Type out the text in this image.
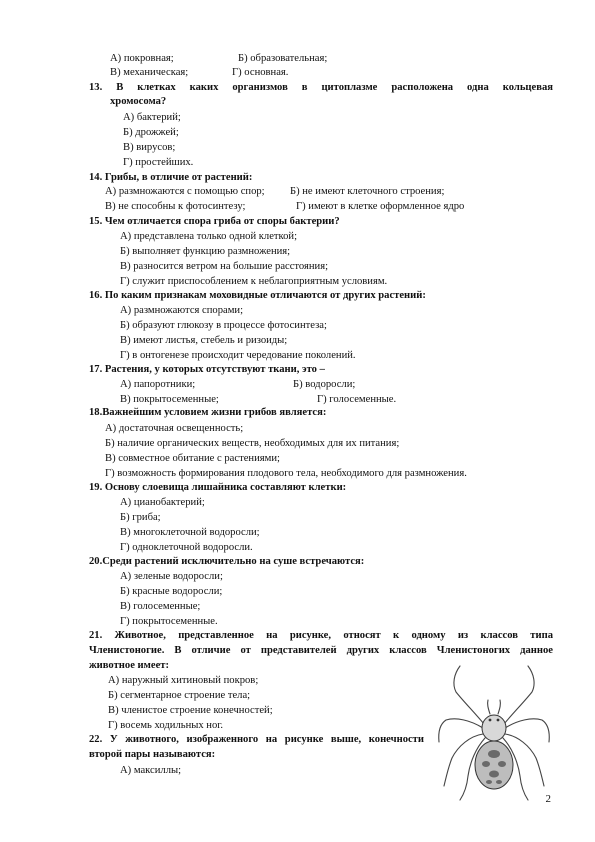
А) покровная;	Б) образовательная;
В) механическая;	Г) основная.
13. В клетках каких организмов в цитоплазме расположена одна кольцевая
хромосома?
А) бактерий;
Б) дрожжей;
В) вирусов;
Г) простейших.
14. Грибы, в отличие от растений:
А) размножаются с помощью спор; Б) не имеют клеточного строения;
В) не способны к фотосинтезу;	Г) имеют в клетке оформленное ядро
15. Чем отличается спора гриба от споры бактерии?
А) представлена только одной клеткой;
Б) выполняет функцию размножения;
В) разносится ветром на большие расстояния;
Г) служит приспособлением к неблагоприятным условиям.
16. По каким признакам моховидные отличаются от других растений:
А) размножаются спорами;
Б) образуют глюкозу в процессе фотосинтеза;
В) имеют листья, стебель и ризоиды;
Г) в онтогенезе происходит чередование поколений.
17. Растения, у которых отсутствуют ткани, это –
А) папоротники;	Б) водоросли;
В) покрытосеменные;	Г) голосеменные.
18.Важнейшим условием жизни грибов является:
А) достаточная освещенность;
Б) наличие органических веществ, необходимых для их питания;
В) совместное обитание с растениями;
Г) возможность формирования плодового тела, необходимого для размножения.
19. Основу слоевища лишайника составляют клетки:
А) цианобактерий;
Б) гриба;
В) многоклеточной водоросли;
Г) одноклеточной водоросли.
20.Среди растений исключительно на суше встречаются:
А) зеленые водоросли;
Б) красные водоросли;
В) голосеменные;
Г) покрытосеменные.
21. Животное, представленное на рисунке, относят к одному из классов типа
Членистоногие. В отличие от представителей других классов Членистоногих данное
животное имеет:
А) наружный хитиновый покров;
Б) сегментарное строение тела;
В) членистое строение конечностей;
Г) восемь ходильных ног.
22. У животного, изображенного на рисунке выше, конечности
второй пары называются:
А) максиллы;
2
